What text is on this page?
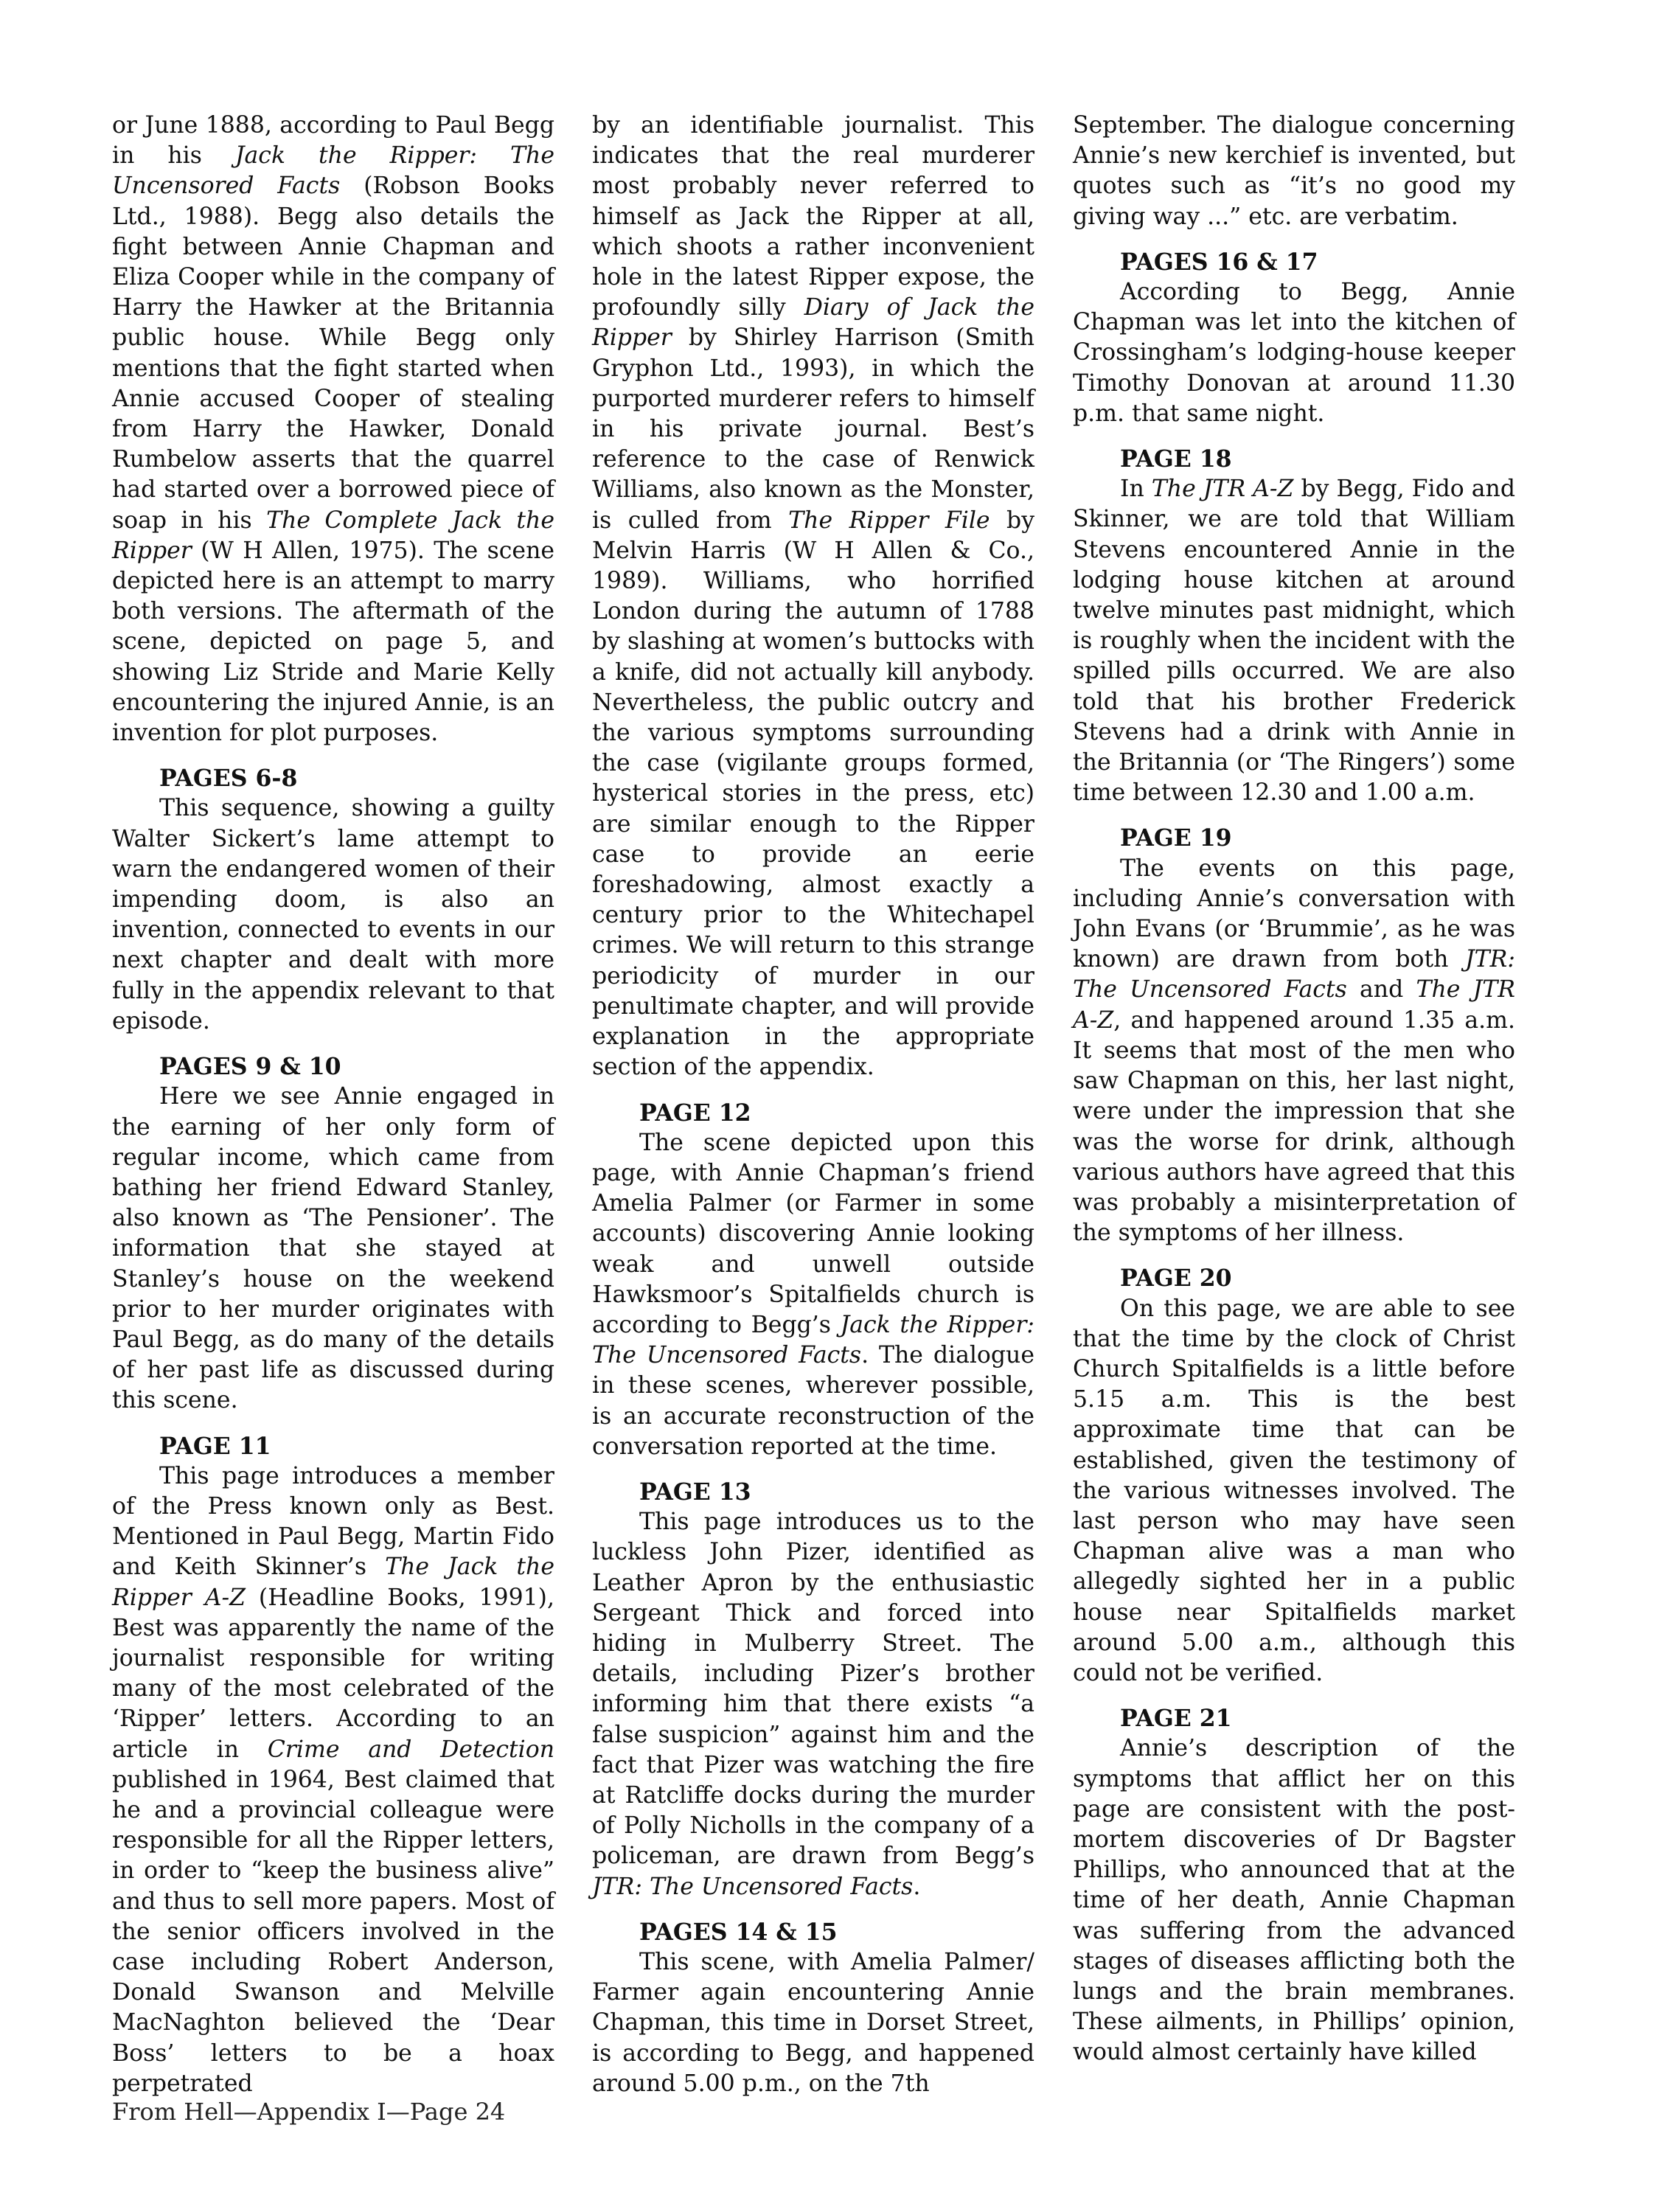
or June 1888, according to Paul Begg in his Jack the Ripper: The Uncensored Facts (Robson Books Ltd., 1988). Begg also details the fight between Annie Chapman and Eliza Cooper while in the company of Harry the Hawker at the Britannia public house. While Begg only mentions that the fight started when Annie accused Cooper of stealing from Harry the Hawker, Donald Rumbelow asserts that the quarrel had started over a borrowed piece of soap in his The Complete Jack the Ripper (W H Allen, 1975). The scene depicted here is an attempt to marry both versions. The aftermath of the scene, depicted on page 5, and showing Liz Stride and Marie Kelly encountering the injured Annie, is an invention for plot purposes.

PAGES 6-8

This sequence, showing a guilty Walter Sickert’s lame attempt to warn the endangered women of their impending doom, is also an invention, connected to events in our next chapter and dealt with more fully in the appendix relevant to that episode.

PAGES 9 & 10

Here we see Annie engaged in the earning of her only form of regular income, which came from bathing her friend Edward Stanley, also known as ‘The Pensioner’. The information that she stayed at Stanley’s house on the weekend prior to her murder originates with Paul Begg, as do many of the details of her past life as discussed during this scene.

PAGE 11

This page introduces a member of the Press known only as Best. Mentioned in Paul Begg, Martin Fido and Keith Skinner’s The Jack the Ripper A-Z (Headline Books, 1991), Best was apparently the name of the journalist responsible for writing many of the most celebrated of the ‘Ripper’ letters. According to an article in Crime and Detection published in 1964, Best claimed that he and a provincial colleague were responsible for all the Ripper letters, in order to “keep the business alive” and thus to sell more papers. Most of the senior officers involved in the case including Robert Anderson, Donald Swanson and Melville MacNaghton believed the ‘Dear Boss’ letters to be a hoax perpetrated

by an identifiable journalist. This indicates that the real murderer most probably never referred to himself as Jack the Ripper at all, which shoots a rather inconvenient hole in the latest Ripper expose, the profoundly silly Diary of Jack the Ripper by Shirley Harrison (Smith Gryphon Ltd., 1993), in which the purported murderer refers to himself in his private journal. Best’s reference to the case of Renwick Williams, also known as the Monster, is culled from The Ripper File by Melvin Harris (W H Allen & Co., 1989). Williams, who horrified London during the autumn of 1788 by slashing at women’s buttocks with a knife, did not actually kill anybody. Nevertheless, the public outcry and the various symptoms surrounding the case (vigilante groups formed, hysterical stories in the press, etc) are similar enough to the Ripper case to provide an eerie foreshadowing, almost exactly a century prior to the Whitechapel crimes. We will return to this strange periodicity of murder in our penultimate chapter, and will provide explanation in the appropriate section of the appendix.

PAGE 12

The scene depicted upon this page, with Annie Chapman’s friend Amelia Palmer (or Farmer in some accounts) discovering Annie looking weak and unwell outside Hawksmoor’s Spitalfields church is according to Begg’s Jack the Ripper: The Uncensored Facts. The dialogue in these scenes, wherever possible, is an accurate reconstruction of the conversation reported at the time.

PAGE 13

This page introduces us to the luckless John Pizer, identified as Leather Apron by the enthusiastic Sergeant Thick and forced into hiding in Mulberry Street. The details, including Pizer’s brother informing him that there exists “a false suspicion” against him and the fact that Pizer was watching the fire at Ratcliffe docks during the murder of Polly Nicholls in the company of a policeman, are drawn from Begg’s JTR: The Uncensored Facts.

PAGES 14 & 15

This scene, with Amelia Palmer/ Farmer again encountering Annie Chapman, this time in Dorset Street, is according to Begg, and happened around 5.00 p.m., on the 7th

September. The dialogue concerning Annie’s new kerchief is invented, but quotes such as “it’s no good my giving way ...” etc. are verbatim.

PAGES 16 & 17

According to Begg, Annie Chapman was let into the kitchen of Crossingham’s lodging-house keeper Timothy Donovan at around 11.30 p.m. that same night.

PAGE 18

In The JTR A-Z by Begg, Fido and Skinner, we are told that William Stevens encountered Annie in the lodging house kitchen at around twelve minutes past midnight, which is roughly when the incident with the spilled pills occurred. We are also told that his brother Frederick Stevens had a drink with Annie in the Britannia (or ‘The Ringers’) some time between 12.30 and 1.00 a.m.

PAGE 19

The events on this page, including Annie’s conversation with John Evans (or ‘Brummie’, as he was known) are drawn from both JTR: The Uncensored Facts and The JTR A-Z, and happened around 1.35 a.m. It seems that most of the men who saw Chapman on this, her last night, were under the impression that she was the worse for drink, although various authors have agreed that this was probably a misinterpretation of the symptoms of her illness.

PAGE 20

On this page, we are able to see that the time by the clock of Christ Church Spitalfields is a little before 5.15 a.m. This is the best approximate time that can be established, given the testimony of the various witnesses involved. The last person who may have seen Chapman alive was a man who allegedly sighted her in a public house near Spitalfields market around 5.00 a.m., although this could not be verified.

PAGE 21

Annie’s description of the symptoms that afflict her on this page are consistent with the post-mortem discoveries of Dr Bagster Phillips, who announced that at the time of her death, Annie Chapman was suffering from the advanced stages of diseases afflicting both the lungs and the brain membranes. These ailments, in Phillips’ opinion, would almost certainly have killed

From Hell—Appendix I—Page 24
